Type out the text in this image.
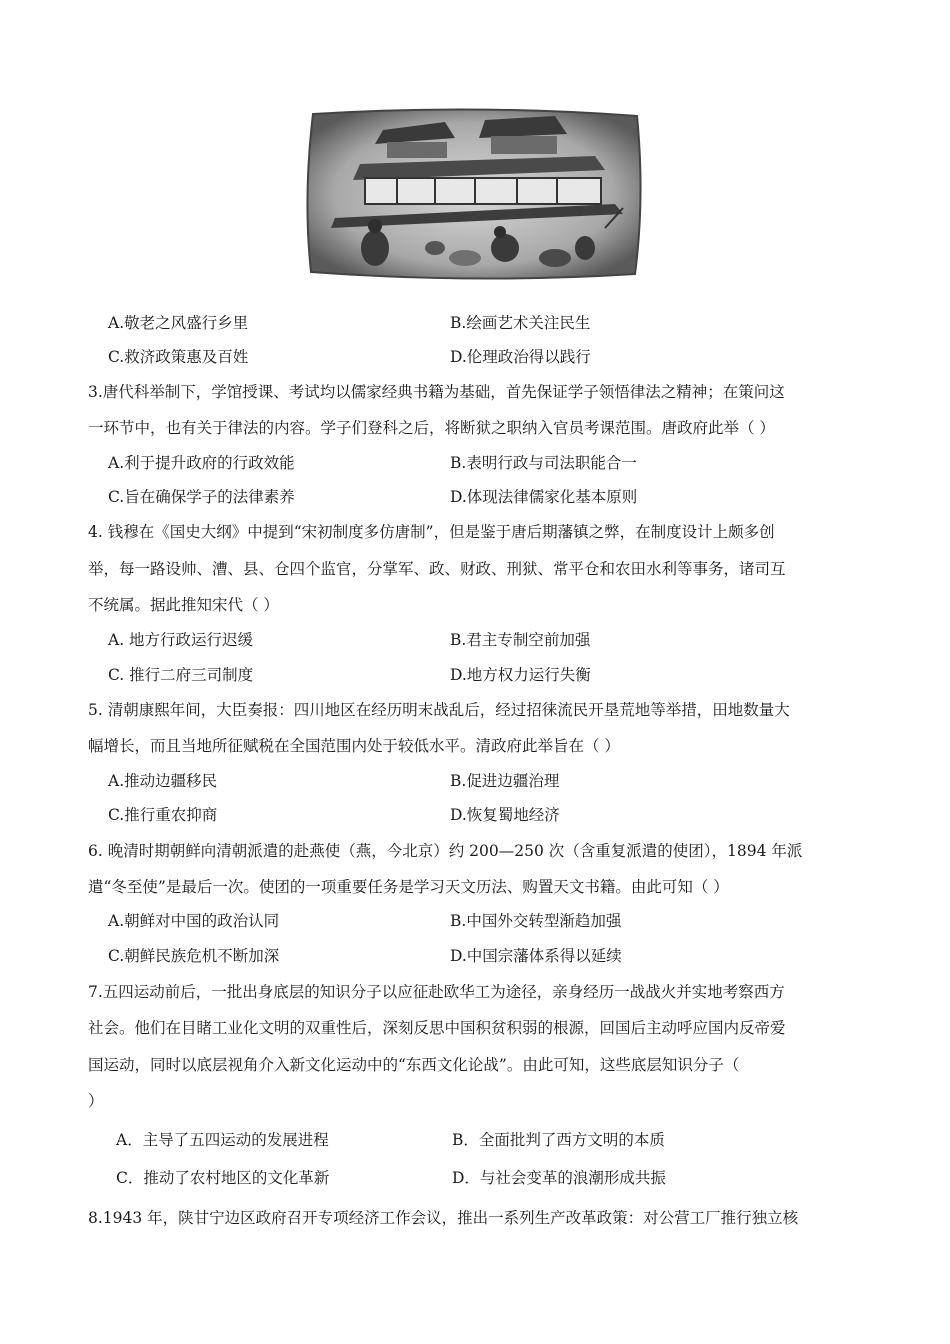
A.敬老之风盛行乡里	B.绘画艺术关注民生
C.救济政策惠及百姓	D.伦理政治得以践行
3.唐代科举制下，学馆授课、考试均以儒家经典书籍为基础，首先保证学子领悟律法之精神；在策问这
一环节中，也有关于律法的内容。学子们登科之后，将断狱之职纳入官员考课范围。唐政府此举（ ）
A.利于提升政府的行政效能	B.表明行政与司法职能合一
C.旨在确保学子的法律素养	D.体现法律儒家化基本原则
4. 钱穆在《国史大纲》中提到“宋初制度多仿唐制”，但是鉴于唐后期藩镇之弊，在制度设计上颇多创
举，每一路设帅、漕、县、仓四个监官，分掌军、政、财政、刑狱、常平仓和农田水利等事务，诸司互
不统属。据此推知宋代（ ）
A. 地方行政运行迟缓	B.君主专制空前加强
C. 推行二府三司制度	D.地方权力运行失衡
5. 清朝康熙年间，大臣奏报：四川地区在经历明末战乱后，经过招徕流民开垦荒地等举措，田地数量大
幅增长，而且当地所征赋税在全国范围内处于较低水平。清政府此举旨在（ ）
A.推动边疆移民	B.促进边疆治理
C.推行重农抑商	D.恢复蜀地经济
6. 晚清时期朝鲜向清朝派遣的赴燕使（燕，今北京）约 200—250 次（含重复派遣的使团），1894 年派
遣“冬至使”是最后一次。使团的一项重要任务是学习天文历法、购置天文书籍。由此可知（ ）
A.朝鲜对中国的政治认同	B.中国外交转型渐趋加强
C.朝鲜民族危机不断加深	D.中国宗藩体系得以延续
7.五四运动前后，一批出身底层的知识分子以应征赴欧华工为途径，亲身经历一战战火并实地考察西方
社会。他们在目睹工业化文明的双重性后，深刻反思中国积贫积弱的根源，回国后主动呼应国内反帝爱
国运动，同时以底层视角介入新文化运动中的“东西文化论战”。由此可知，这些底层知识分子（
）
A．主导了五四运动的发展进程	B．全面批判了西方文明的本质
C．推动了农村地区的文化革新	D．与社会变革的浪潮形成共振
8.1943 年，陕甘宁边区政府召开专项经济工作会议，推出一系列生产改革政策：对公营工厂推行独立核
